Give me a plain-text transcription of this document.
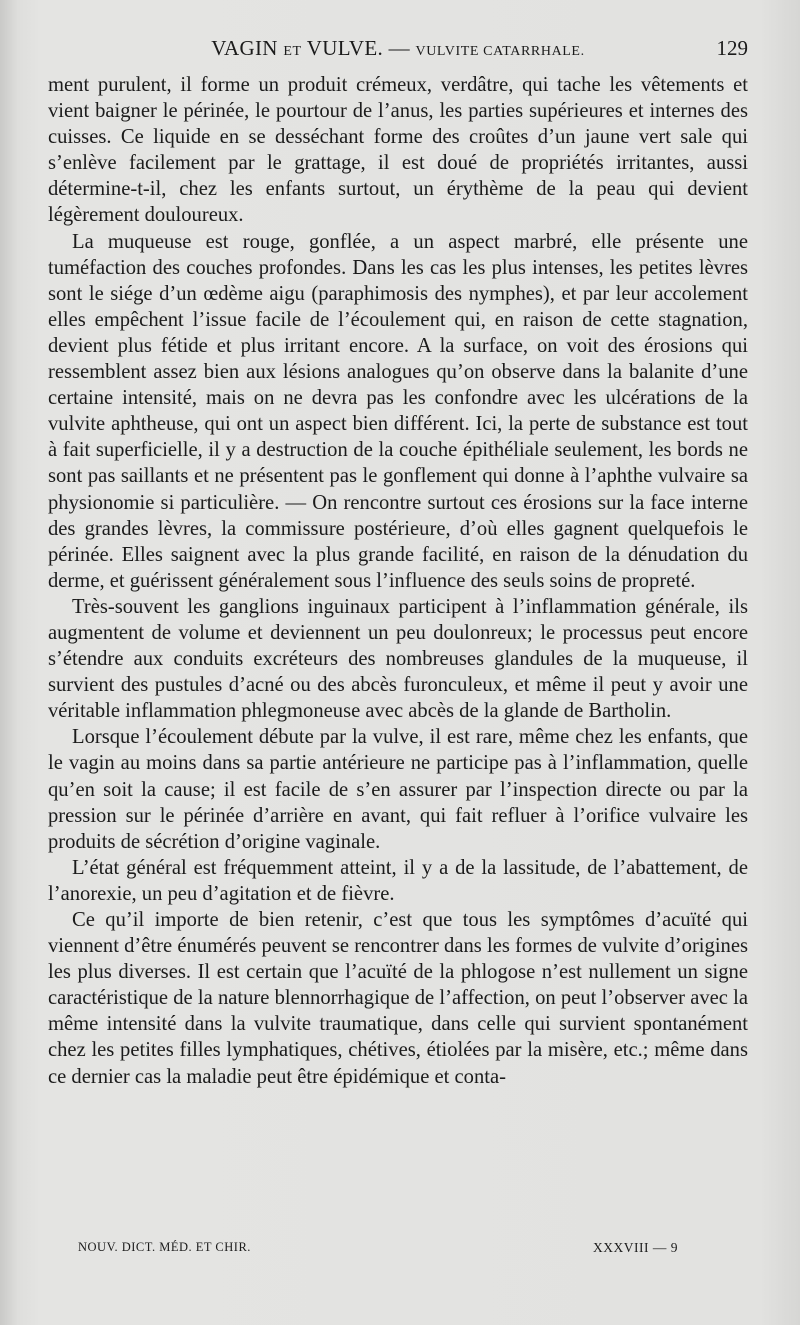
VAGIN ET VULVE. — VULVITE CATARRHALE.	129

ment purulent, il forme un produit crémeux, verdâtre, qui tache les vêtements et vient baigner le périnée, le pourtour de l’anus, les parties supérieures et internes des cuisses. Ce liquide en se desséchant forme des croûtes d’un jaune vert sale qui s’enlève facilement par le grattage, il est doué de propriétés irritantes, aussi détermine-t-il, chez les enfants surtout, un érythème de la peau qui devient légèrement douloureux.

La muqueuse est rouge, gonflée, a un aspect marbré, elle présente une tuméfaction des couches profondes. Dans les cas les plus intenses, les petites lèvres sont le siége d’un œdème aigu (paraphimosis des nymphes), et par leur accolement elles empêchent l’issue facile de l’écoulement qui, en raison de cette stagnation, devient plus fétide et plus irritant encore. A la surface, on voit des érosions qui ressemblent assez bien aux lésions analogues qu’on observe dans la balanite d’une certaine intensité, mais on ne devra pas les confondre avec les ulcérations de la vulvite aphtheuse, qui ont un aspect bien différent. Ici, la perte de substance est tout à fait superficielle, il y a destruction de la couche épithéliale seulement, les bords ne sont pas saillants et ne présentent pas le gonflement qui donne à l’aphthe vulvaire sa physionomie si particulière. — On rencontre surtout ces érosions sur la face interne des grandes lèvres, la commissure postérieure, d’où elles gagnent quelquefois le périnée. Elles saignent avec la plus grande facilité, en raison de la dénudation du derme, et guérissent généralement sous l’influence des seuls soins de propreté.

Très-souvent les ganglions inguinaux participent à l’inflammation générale, ils augmentent de volume et deviennent un peu doulonreux; le processus peut encore s’étendre aux conduits excréteurs des nombreuses glandules de la muqueuse, il survient des pustules d’acné ou des abcès furonculeux, et même il peut y avoir une véritable inflammation phlegmoneuse avec abcès de la glande de Bartholin.

Lorsque l’écoulement débute par la vulve, il est rare, même chez les enfants, que le vagin au moins dans sa partie antérieure ne participe pas à l’inflammation, quelle qu’en soit la cause; il est facile de s’en assurer par l’inspection directe ou par la pression sur le périnée d’arrière en avant, qui fait refluer à l’orifice vulvaire les produits de sécrétion d’origine vaginale.

L’état général est fréquemment atteint, il y a de la lassitude, de l’abattement, de l’anorexie, un peu d’agitation et de fièvre.

Ce qu’il importe de bien retenir, c’est que tous les symptômes d’acuïté qui viennent d’être énumérés peuvent se rencontrer dans les formes de vulvite d’origines les plus diverses. Il est certain que l’acuïté de la phlogose n’est nullement un signe caractéristique de la nature blennorrhagique de l’affection, on peut l’observer avec la même intensité dans la vulvite traumatique, dans celle qui survient spontanément chez les petites filles lymphatiques, chétives, étiolées par la misère, etc.; même dans ce dernier cas la maladie peut être épidémique et conta-

NOUV. DICT. MÉD. ET CHIR.	XXXVIII — 9
